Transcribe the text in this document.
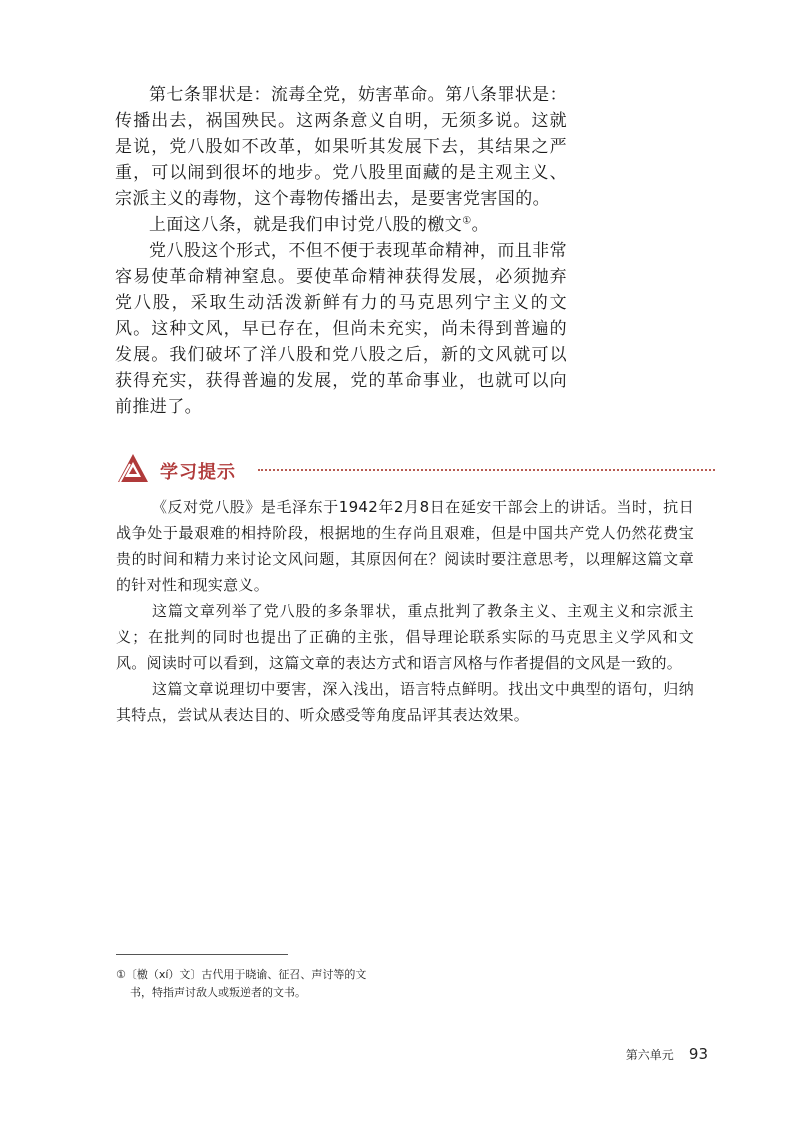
第七条罪状是：流毒全党，妨害革命。第八条罪状是：传播出去，祸国殃民。这两条意义自明，无须多说。这就是说，党八股如不改革，如果听其发展下去，其结果之严重，可以闹到很坏的地步。党八股里面藏的是主观主义、宗派主义的毒物，这个毒物传播出去，是要害党害国的。

上面这八条，就是我们申讨党八股的檄文①。

党八股这个形式，不但不便于表现革命精神，而且非常容易使革命精神窒息。要使革命精神获得发展，必须抛弃党八股，采取生动活泼新鲜有力的马克思列宁主义的文风。这种文风，早已存在，但尚未充实，尚未得到普遍的发展。我们破坏了洋八股和党八股之后，新的文风就可以获得充实，获得普遍的发展，党的革命事业，也就可以向前推进了。

学习提示

《反对党八股》是毛泽东于1942年2月8日在延安干部会上的讲话。当时，抗日战争处于最艰难的相持阶段，根据地的生存尚且艰难，但是中国共产党人仍然花费宝贵的时间和精力来讨论文风问题，其原因何在？阅读时要注意思考，以理解这篇文章的针对性和现实意义。

这篇文章列举了党八股的多条罪状，重点批判了教条主义、主观主义和宗派主义；在批判的同时也提出了正确的主张，倡导理论联系实际的马克思主义学风和文风。阅读时可以看到，这篇文章的表达方式和语言风格与作者提倡的文风是一致的。

这篇文章说理切中要害，深入浅出，语言特点鲜明。找出文中典型的语句，归纳其特点，尝试从表达目的、听众感受等角度品评其表达效果。

①〔檄（xí）文〕古代用于晓谕、征召、声讨等的文
书，特指声讨敌人或叛逆者的文书。
第六单元 93
